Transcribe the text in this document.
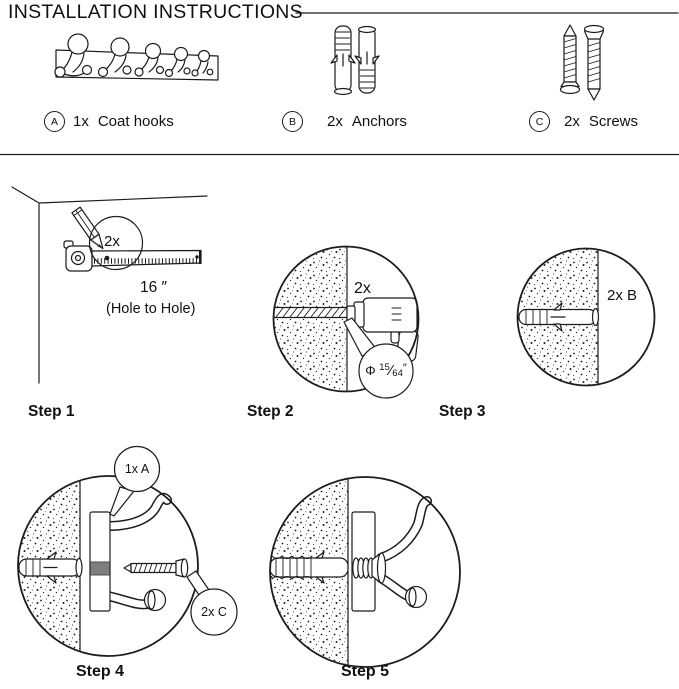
INSTALLATION INSTRUCTIONS
A	1x Coat hooks	B	2x Anchors	C	2x Screws
2x
16 ″
(Hole to Hole)
Step 1
2x
Φ $^{15}$⁄64″
Step 2
2x B
Step 3
1x A
2x C
Step 4	Step 5
